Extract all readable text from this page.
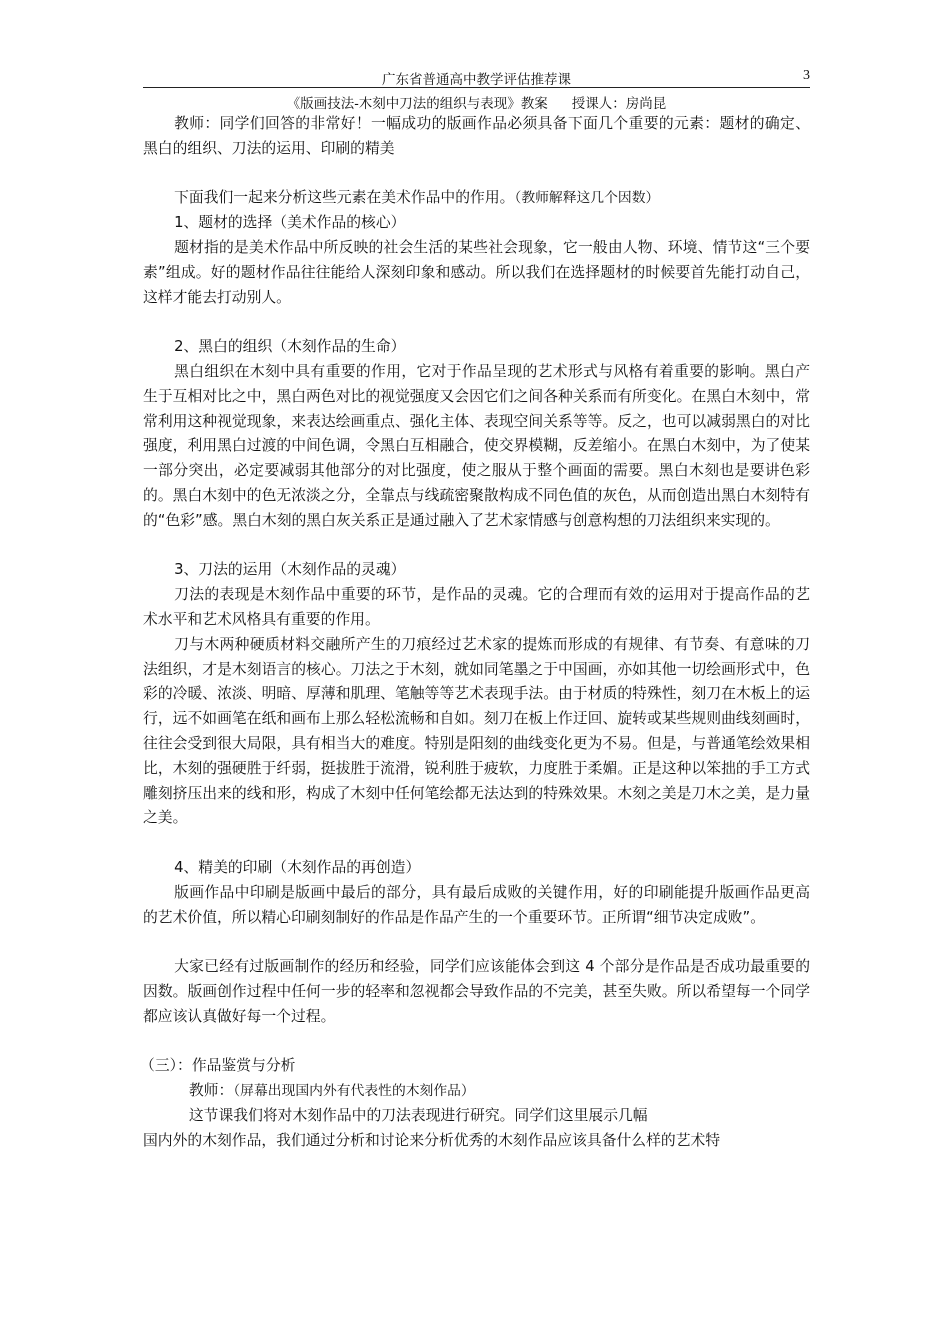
广东省普通高中教学评估推荐课	3
《版画技法-木刻中刀法的组织与表现》教案 授课人：房尚昆

教师：同学们回答的非常好！一幅成功的版画作品必须具备下面几个重要的元素：题材的确定、黑白的组织、刀法的运用、印刷的精美

下面我们一起来分析这些元素在美术作品中的作用。（教师解释这几个因数）

1、题材的选择（美术作品的核心）

题材指的是美术作品中所反映的社会生活的某些社会现象，它一般由人物、环境、情节这“三个要素”组成。好的题材作品往往能给人深刻印象和感动。所以我们在选择题材的时候要首先能打动自己，这样才能去打动别人。

2、黑白的组织（木刻作品的生命）

黑白组织在木刻中具有重要的作用，它对于作品呈现的艺术形式与风格有着重要的影响。黑白产生于互相对比之中，黑白两色对比的视觉强度又会因它们之间各种关系而有所变化。在黑白木刻中，常常利用这种视觉现象，来表达绘画重点、强化主体、表现空间关系等等。反之，也可以减弱黑白的对比强度，利用黑白过渡的中间色调，令黑白互相融合，使交界模糊，反差缩小。在黑白木刻中，为了使某一部分突出，必定要减弱其他部分的对比强度，使之服从于整个画面的需要。黑白木刻也是要讲色彩的。黑白木刻中的色无浓淡之分，全靠点与线疏密聚散构成不同色值的灰色，从而创造出黑白木刻特有的“色彩”感。黑白木刻的黑白灰关系正是通过融入了艺术家情感与创意构想的刀法组织来实现的。

3、刀法的运用（木刻作品的灵魂）

刀法的表现是木刻作品中重要的环节，是作品的灵魂。它的合理而有效的运用对于提高作品的艺术水平和艺术风格具有重要的作用。

刀与木两种硬质材料交融所产生的刀痕经过艺术家的提炼而形成的有规律、有节奏、有意味的刀法组织，才是木刻语言的核心。刀法之于木刻，就如同笔墨之于中国画，亦如其他一切绘画形式中，色彩的冷暖、浓淡、明暗、厚薄和肌理、笔触等等艺术表现手法。由于材质的特殊性，刻刀在木板上的运行，远不如画笔在纸和画布上那么轻松流畅和自如。刻刀在板上作迂回、旋转或某些规则曲线刻画时，往往会受到很大局限，具有相当大的难度。特别是阳刻的曲线变化更为不易。但是，与普通笔绘效果相比，木刻的强硬胜于纤弱，挺拔胜于流滑，锐利胜于疲软，力度胜于柔媚。正是这种以笨拙的手工方式雕刻挤压出来的线和形，构成了木刻中任何笔绘都无法达到的特殊效果。木刻之美是刀木之美，是力量之美。

4、精美的印刷（木刻作品的再创造）

版画作品中印刷是版画中最后的部分，具有最后成败的关键作用，好的印刷能提升版画作品更高的艺术价值，所以精心印刷刻制好的作品是作品产生的一个重要环节。正所谓“细节决定成败”。

大家已经有过版画制作的经历和经验，同学们应该能体会到这 4 个部分是作品是否成功最重要的因数。版画创作过程中任何一步的轻率和忽视都会导致作品的不完美，甚至失败。所以希望每一个同学都应该认真做好每一个过程。

（三）：作品鉴赏与分析

教师：（屏幕出现国内外有代表性的木刻作品）

这节课我们将对木刻作品中的刀法表现进行研究。同学们这里展示几幅

国内外的木刻作品，我们通过分析和讨论来分析优秀的木刻作品应该具备什么样的艺术特
